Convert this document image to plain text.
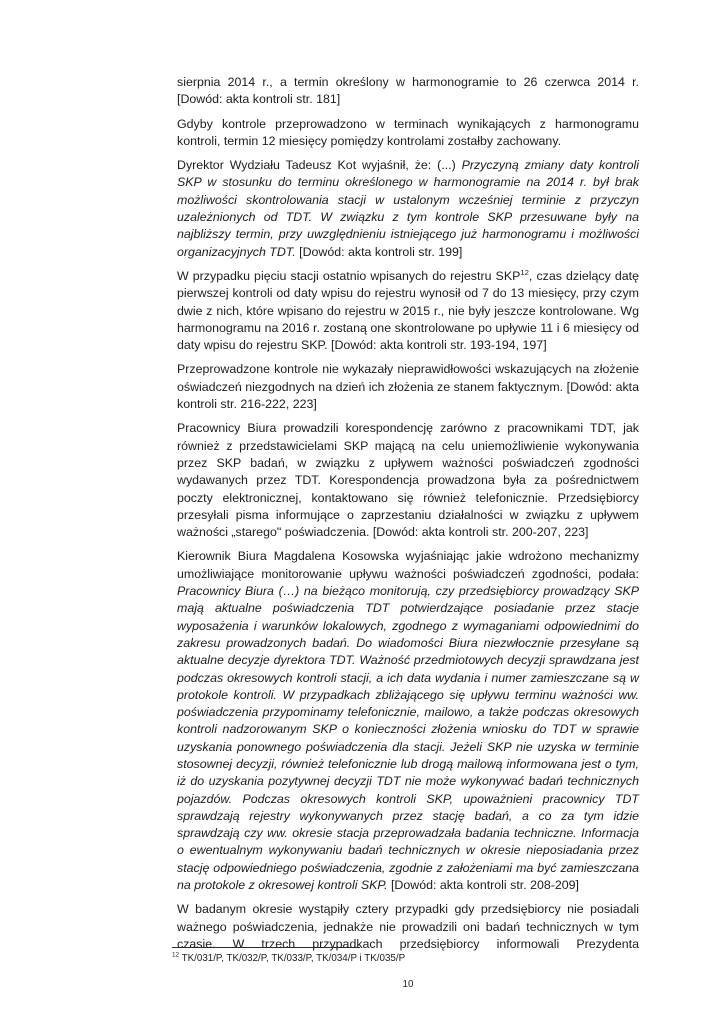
sierpnia 2014 r., a termin określony w harmonogramie to 26 czerwca 2014 r. [Dowód: akta kontroli str. 181]

Gdyby kontrole przeprowadzono w terminach wynikających z harmonogramu kontroli, termin 12 miesięcy pomiędzy kontrolami zostałby zachowany.

Dyrektor Wydziału Tadeusz Kot wyjaśnił, że: (...) Przyczyną zmiany daty kontroli SKP w stosunku do terminu określonego w harmonogramie na 2014 r. był brak możliwości skontrolowania stacji w ustalonym wcześniej terminie z przyczyn uzależnionych od TDT. W związku z tym kontrole SKP przesuwane były na najbliższy termin, przy uwzględnieniu istniejącego już harmonogramu i możliwości organizacyjnych TDT. [Dowód: akta kontroli str. 199]

W przypadku pięciu stacji ostatnio wpisanych do rejestru SKP$^{12}$, czas dzielący datę pierwszej kontroli od daty wpisu do rejestru wynosił od 7 do 13 miesięcy, przy czym dwie z nich, które wpisano do rejestru w 2015 r., nie były jeszcze kontrolowane. Wg harmonogramu na 2016 r. zostaną one skontrolowane po upływie 11 i 6 miesięcy od daty wpisu do rejestru SKP. [Dowód: akta kontroli str. 193-194, 197]

Przeprowadzone kontrole nie wykazały nieprawidłowości wskazujących na złożenie oświadczeń niezgodnych na dzień ich złożenia ze stanem faktycznym. [Dowód: akta kontroli str. 216-222, 223]

Pracownicy Biura prowadzili korespondencję zarówno z pracownikami TDT, jak również z przedstawicielami SKP mającą na celu uniemożliwienie wykonywania przez SKP badań, w związku z upływem ważności poświadczeń zgodności wydawanych przez TDT. Korespondencja prowadzona była za pośrednictwem poczty elektronicznej, kontaktowano się również telefonicznie. Przedsiębiorcy przesyłali pisma informujące o zaprzestaniu działalności w związku z upływem ważności „starego" poświadczenia. [Dowód: akta kontroli str. 200-207, 223]

Kierownik Biura Magdalena Kosowska wyjaśniając jakie wdrożono mechanizmy umożliwiające monitorowanie upływu ważności poświadczeń zgodności, podała: Pracownicy Biura (…) na bieżąco monitorują, czy przedsiębiorcy prowadzący SKP mają aktualne poświadczenia TDT potwierdzające posiadanie przez stacje wyposażenia i warunków lokalowych, zgodnego z wymaganiami odpowiednimi do zakresu prowadzonych badań. Do wiadomości Biura niezwłocznie przesyłane są aktualne decyzje dyrektora TDT. Ważność przedmiotowych decyzji sprawdzana jest podczas okresowych kontroli stacji, a ich data wydania i numer zamieszczane są w protokole kontroli. W przypadkach zbliżającego się upływu terminu ważności ww. poświadczenia przypominamy telefonicznie, mailowo, a także podczas okresowych kontroli nadzorowanym SKP o konieczności złożenia wniosku do TDT w sprawie uzyskania ponownego poświadczenia dla stacji. Jeżeli SKP nie uzyska w terminie stosownej decyzji, również telefonicznie lub drogą mailową informowana jest o tym, iż do uzyskania pozytywnej decyzji TDT nie może wykonywać badań technicznych pojazdów. Podczas okresowych kontroli SKP, upoważnieni pracownicy TDT sprawdzają rejestry wykonywanych przez stację badań, a co za tym idzie sprawdzają czy ww. okresie stacja przeprowadzała badania techniczne. Informacja o ewentualnym wykonywaniu badań technicznych w okresie nieposiadania przez stację odpowiedniego poświadczenia, zgodnie z założeniami ma być zamieszczana na protokole z okresowej kontroli SKP. [Dowód: akta kontroli str. 208-209]

W badanym okresie wystąpiły cztery przypadki gdy przedsiębiorcy nie posiadali ważnego poświadczenia, jednakże nie prowadzili oni badań technicznych w tym czasie. W trzech przypadkach przedsiębiorcy informowali Prezydenta

$^{12}$ TK/031/P, TK/032/P, TK/033/P, TK/034/P i TK/035/P

10
